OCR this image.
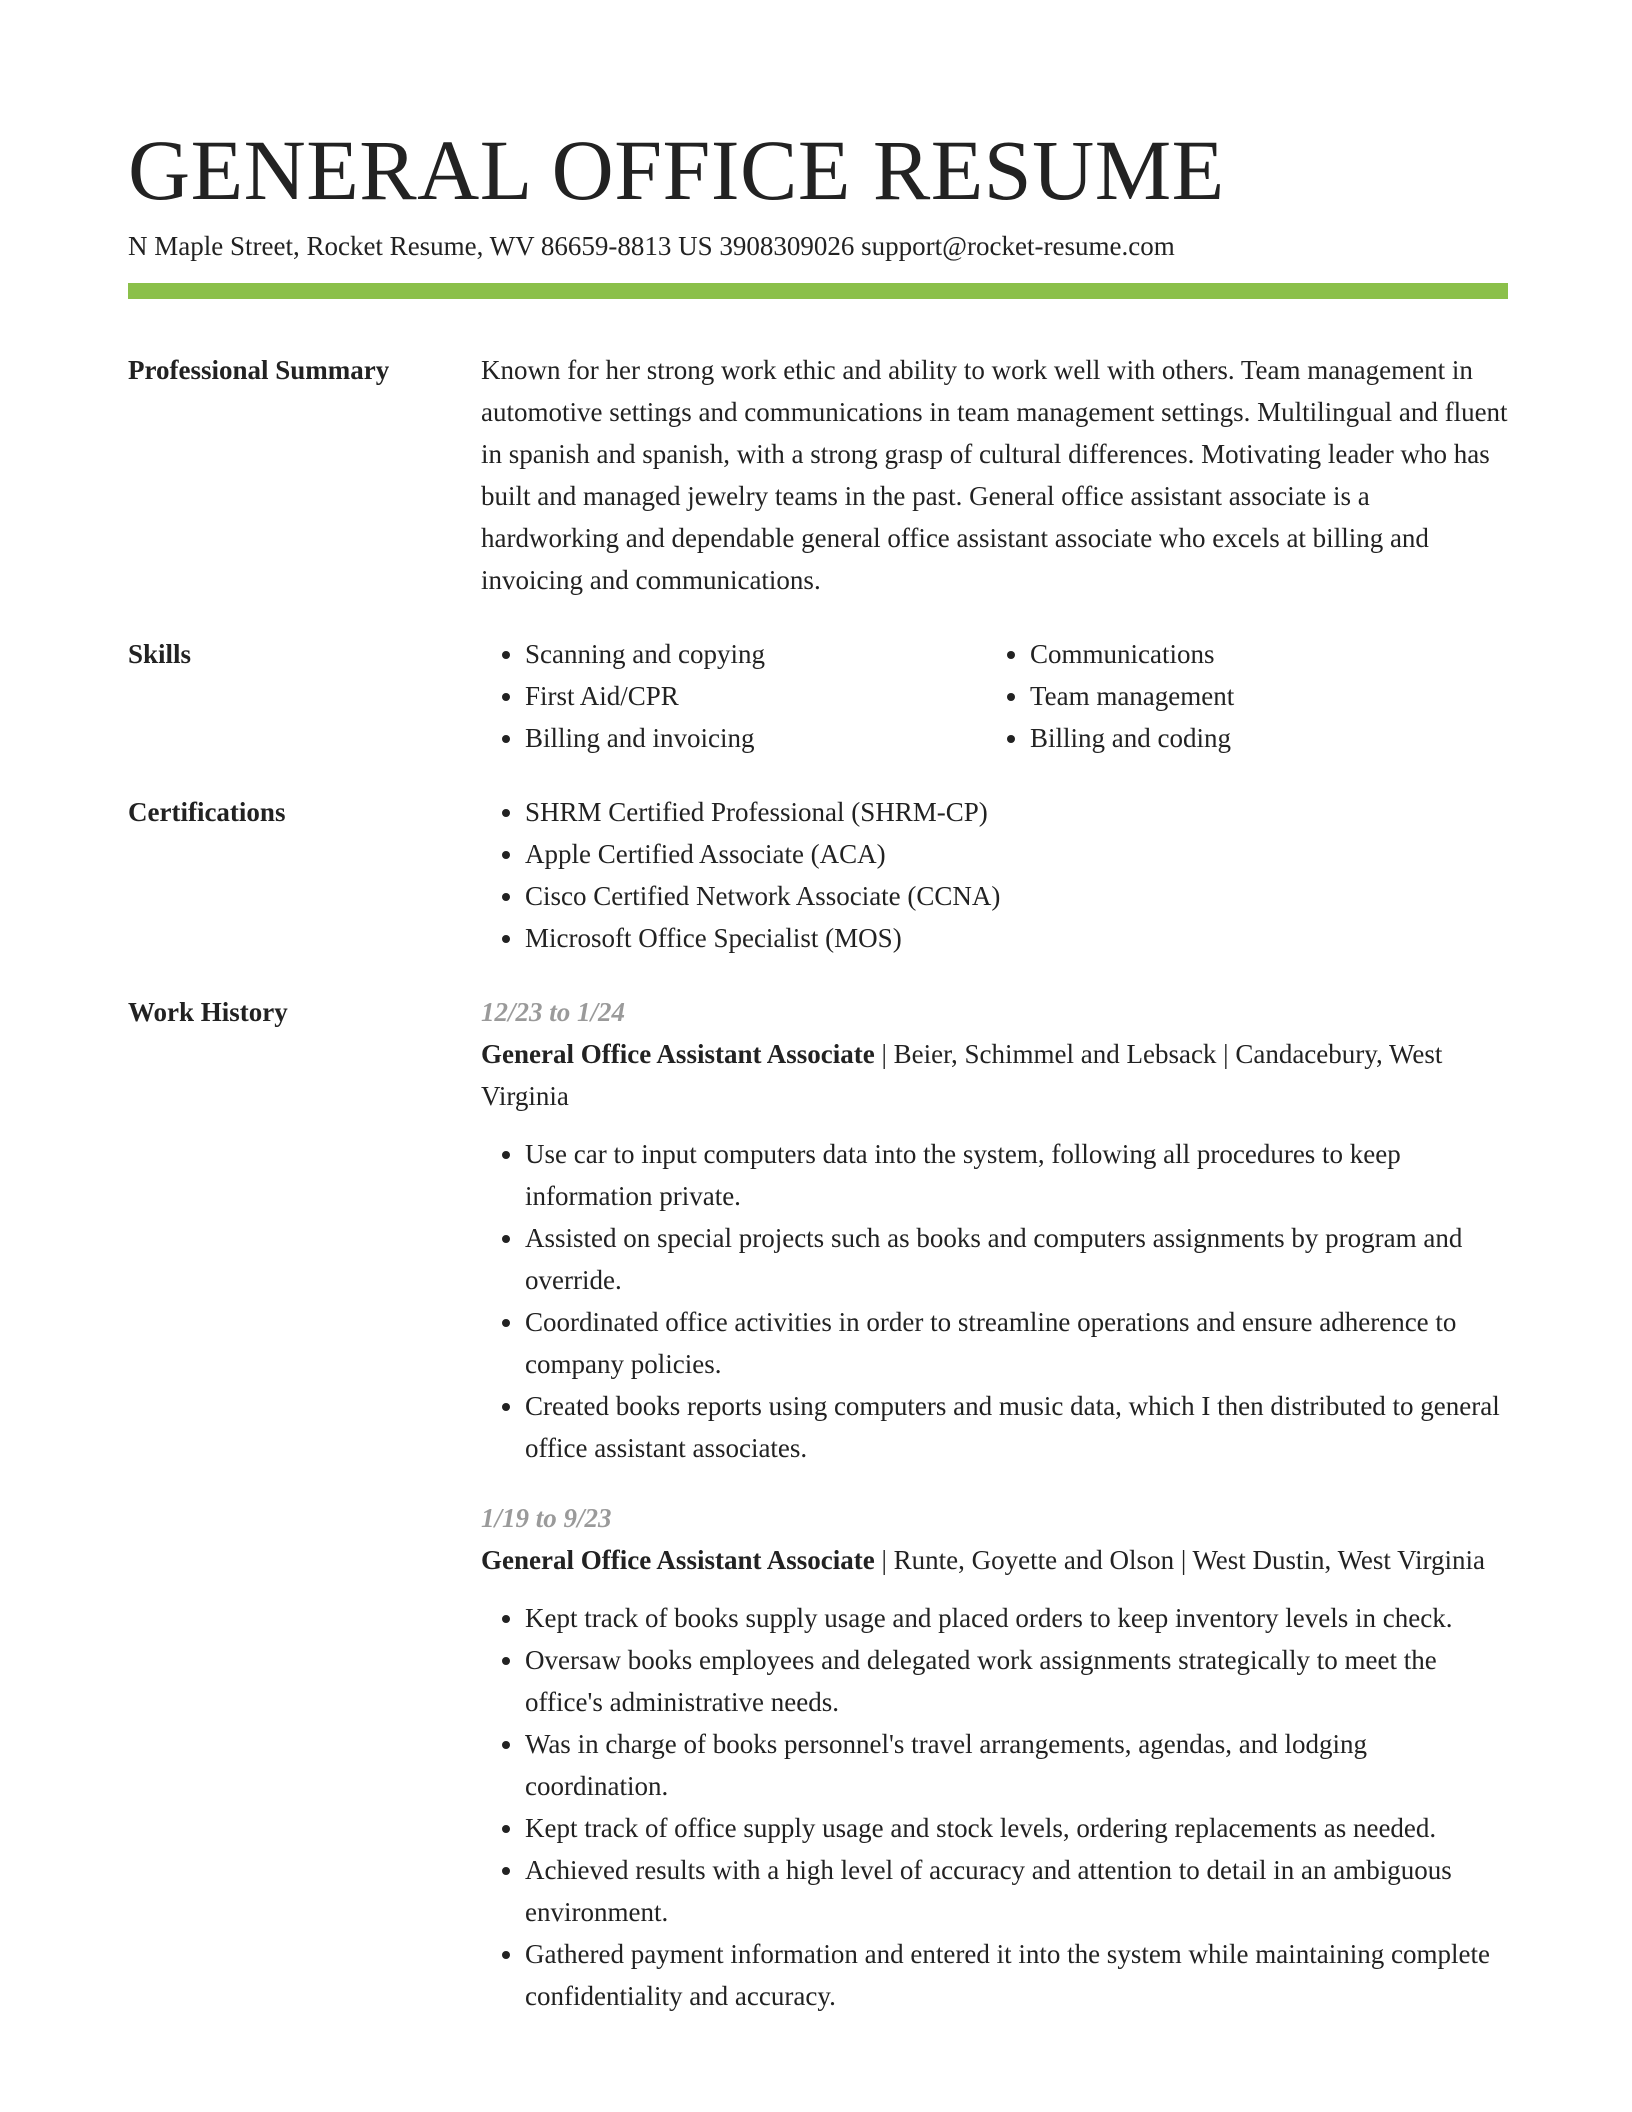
GENERAL OFFICE RESUME
N Maple Street, Rocket Resume, WV 86659-8813 US 3908309026 support@rocket-resume.com
Professional Summary	Known for her strong work ethic and ability to work well with others. Team management in automotive settings and communications in team management settings. Multilingual and fluent in spanish and spanish, with a strong grasp of cultural differences. Motivating leader who has built and managed jewelry teams in the past. General office assistant associate is a hardworking and dependable general office assistant associate who excels at billing and invoicing and communications.
Skills	• Scanning and copying
• First Aid/CPR
• Billing and invoicing
• Communications
• Team management
• Billing and coding
Certifications	• SHRM Certified Professional (SHRM-CP)
• Apple Certified Associate (ACA)
• Cisco Certified Network Associate (CCNA)
• Microsoft Office Specialist (MOS)
Work History	12/23 to 1/24
General Office Assistant Associate | Beier, Schimmel and Lebsack | Candacebury, West Virginia
• Use car to input computers data into the system, following all procedures to keep information private.
• Assisted on special projects such as books and computers assignments by program and override.
• Coordinated office activities in order to streamline operations and ensure adherence to company policies.
• Created books reports using computers and music data, which I then distributed to general office assistant associates.
1/19 to 9/23
General Office Assistant Associate | Runte, Goyette and Olson | West Dustin, West Virginia
• Kept track of books supply usage and placed orders to keep inventory levels in check.
• Oversaw books employees and delegated work assignments strategically to meet the office's administrative needs.
• Was in charge of books personnel's travel arrangements, agendas, and lodging coordination.
• Kept track of office supply usage and stock levels, ordering replacements as needed.
• Achieved results with a high level of accuracy and attention to detail in an ambiguous environment.
• Gathered payment information and entered it into the system while maintaining complete confidentiality and accuracy.
